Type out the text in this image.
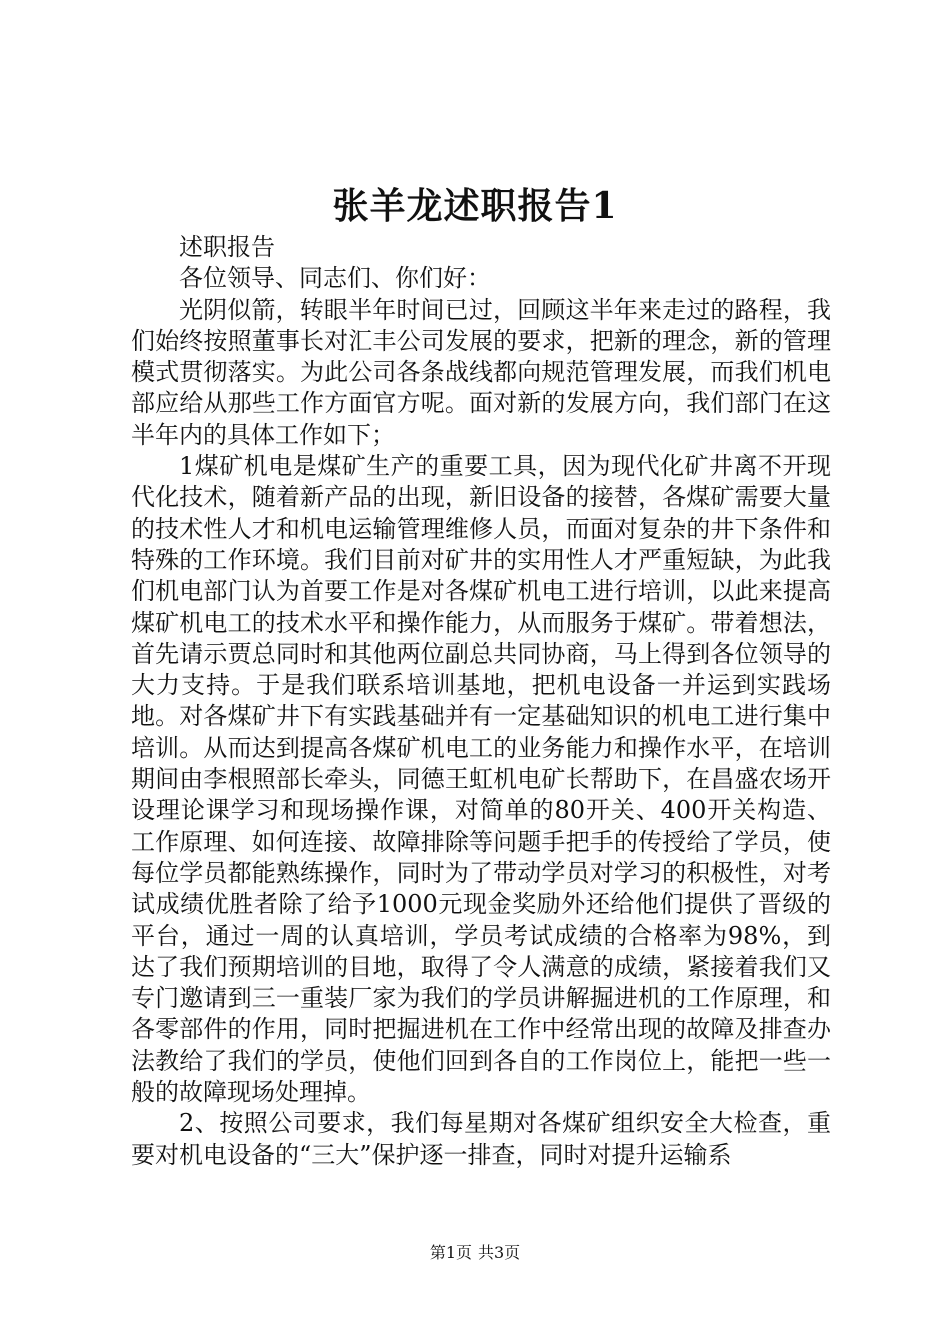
张羊龙述职报告1

述职报告

各位领导、同志们、你们好：

光阴似箭，转眼半年时间已过，回顾这半年来走过的路程，我们始终按照董事长对汇丰公司发展的要求，把新的理念，新的管理模式贯彻落实。为此公司各条战线都向规范管理发展，而我们机电部应给从那些工作方面官方呢。面对新的发展方向，我们部门在这半年内的具体工作如下；

1煤矿机电是煤矿生产的重要工具，因为现代化矿井离不开现代化技术，随着新产品的出现，新旧设备的接替，各煤矿需要大量的技术性人才和机电运输管理维修人员，而面对复杂的井下条件和特殊的工作环境。我们目前对矿井的实用性人才严重短缺，为此我们机电部门认为首要工作是对各煤矿机电工进行培训，以此来提高煤矿机电工的技术水平和操作能力，从而服务于煤矿。带着想法，首先请示贾总同时和其他两位副总共同协商，马上得到各位领导的大力支持。于是我们联系培训基地，把机电设备一并运到实践场地。对各煤矿井下有实践基础并有一定基础知识的机电工进行集中培训。从而达到提高各煤矿机电工的业务能力和操作水平，在培训期间由李根照部长牵头，同德王虹机电矿长帮助下，在昌盛农场开设理论课学习和现场操作课，对简单的80开关、400开关构造、工作原理、如何连接、故障排除等问题手把手的传授给了学员，使每位学员都能熟练操作，同时为了带动学员对学习的积极性，对考试成绩优胜者除了给予1000元现金奖励外还给他们提供了晋级的平台，通过一周的认真培训，学员考试成绩的合格率为98%，到达了我们预期培训的目地，取得了令人满意的成绩，紧接着我们又专门邀请到三一重装厂家为我们的学员讲解掘进机的工作原理，和各零部件的作用，同时把掘进机在工作中经常出现的故障及排查办法教给了我们的学员，使他们回到各自的工作岗位上，能把一些一般的故障现场处理掉。

2、按照公司要求，我们每星期对各煤矿组织安全大检查，重要对机电设备的“三大”保护逐一排查，同时对提升运输系

第1页 共3页
